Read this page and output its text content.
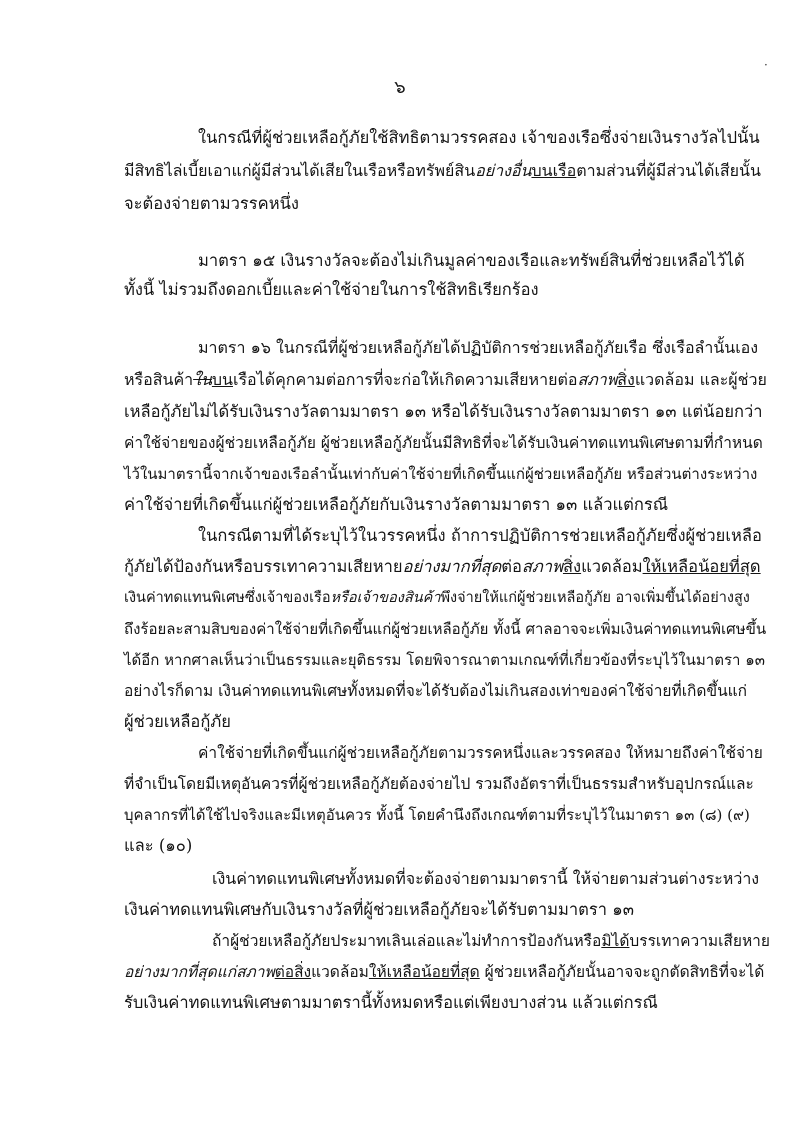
๖
·
ในกรณีที่ผู้ช่วยเหลือกู้ภัยใช้สิทธิตามวรรคสอง เจ้าของเรือซึ่งจ่ายเงินรางวัลไปนั้น
มีสิทธิไล่เบี้ยเอาแก่ผู้มีส่วนได้เสียในเรือหรือทรัพย์สินอย่างอื่นบนเรือตามส่วนที่ผู้มีส่วนได้เสียนั้น
จะต้องจ่ายตามวรรคหนึ่ง
มาตรา ๑๕ เงินรางวัลจะต้องไม่เกินมูลค่าของเรือและทรัพย์สินที่ช่วยเหลือไว้ได้
ทั้งนี้ ไม่รวมถึงดอกเบี้ยและค่าใช้จ่ายในการใช้สิทธิเรียกร้อง
มาตรา ๑๖ ในกรณีที่ผู้ช่วยเหลือกู้ภัยได้ปฏิบัติการช่วยเหลือกู้ภัยเรือ ซึ่งเรือลำนั้นเอง
หรือสินค้าในบนเรือได้คุกคามต่อการที่จะก่อให้เกิดความเสียหายต่อสภาพสิ่งแวดล้อม และผู้ช่วย
เหลือกู้ภัยไม่ได้รับเงินรางวัลตามมาตรา ๑๓ หรือได้รับเงินรางวัลตามมาตรา ๑๓ แต่น้อยกว่า
ค่าใช้จ่ายของผู้ช่วยเหลือกู้ภัย ผู้ช่วยเหลือกู้ภัยนั้นมีสิทธิที่จะได้รับเงินค่าทดแทนพิเศษตามที่กำหนด
ไว้ในมาตรานี้จากเจ้าของเรือลำนั้นเท่ากับค่าใช้จ่ายที่เกิดขึ้นแก่ผู้ช่วยเหลือกู้ภัย หรือส่วนต่างระหว่าง
ค่าใช้จ่ายที่เกิดขึ้นแก่ผู้ช่วยเหลือกู้ภัยกับเงินรางวัลตามมาตรา ๑๓ แล้วแต่กรณี
ในกรณีตามที่ได้ระบุไว้ในวรรคหนึ่ง ถ้าการปฏิบัติการช่วยเหลือกู้ภัยซึ่งผู้ช่วยเหลือ
กู้ภัยได้ป้องกันหรือบรรเทาความเสียหายอย่างมากที่สุดต่อสภาพสิ่งแวดล้อมให้เหลือน้อยที่สุด
เงินค่าทดแทนพิเศษซึ่งเจ้าของเรือหรือเจ้าของสินค้าพึงจ่ายให้แก่ผู้ช่วยเหลือกู้ภัย อาจเพิ่มขึ้นได้อย่างสูง
ถึงร้อยละสามสิบของค่าใช้จ่ายที่เกิดขึ้นแก่ผู้ช่วยเหลือกู้ภัย ทั้งนี้ ศาลอาจจะเพิ่มเงินค่าทดแทนพิเศษขึ้น
ได้อีก หากศาลเห็นว่าเป็นธรรมและยุติธรรม โดยพิจารณาตามเกณฑ์ที่เกี่ยวข้องที่ระบุไว้ในมาตรา ๑๓
อย่างไรก็ดาม เงินค่าทดแทนพิเศษทั้งหมดที่จะได้รับต้องไม่เกินสองเท่าของค่าใช้จ่ายที่เกิดขึ้นแก่
ผู้ช่วยเหลือกู้ภัย
ค่าใช้จ่ายที่เกิดขึ้นแก่ผู้ช่วยเหลือกู้ภัยตามวรรคหนึ่งและวรรคสอง ให้หมายถึงค่าใช้จ่าย
ที่จำเป็นโดยมีเหตุอันควรที่ผู้ช่วยเหลือกู้ภัยต้องจ่ายไป รวมถึงอัตราที่เป็นธรรมสำหรับอุปกรณ์และ
บุคลากรที่ได้ใช้ไปจริงและมีเหตุอันควร ทั้งนี้ โดยคำนึงถึงเกณฑ์ตามที่ระบุไว้ในมาตรา ๑๓ (๘) (๙)
และ (๑๐)
เงินค่าทดแทนพิเศษทั้งหมดที่จะต้องจ่ายตามมาตรานี้ ให้จ่ายตามส่วนต่างระหว่าง
เงินค่าทดแทนพิเศษกับเงินรางวัลที่ผู้ช่วยเหลือกู้ภัยจะได้รับตามมาตรา ๑๓
ถ้าผู้ช่วยเหลือกู้ภัยประมาทเลินเล่อและไม่ทำการป้องกันหรือมิได้บรรเทาความเสียหาย
อย่างมากที่สุดแก่สภาพต่อสิ่งแวดล้อมให้เหลือน้อยที่สุด ผู้ช่วยเหลือกู้ภัยนั้นอาจจะถูกตัดสิทธิที่จะได้
รับเงินค่าทดแทนพิเศษตามมาตรานี้ทั้งหมดหรือแต่เพียงบางส่วน แล้วแต่กรณี
